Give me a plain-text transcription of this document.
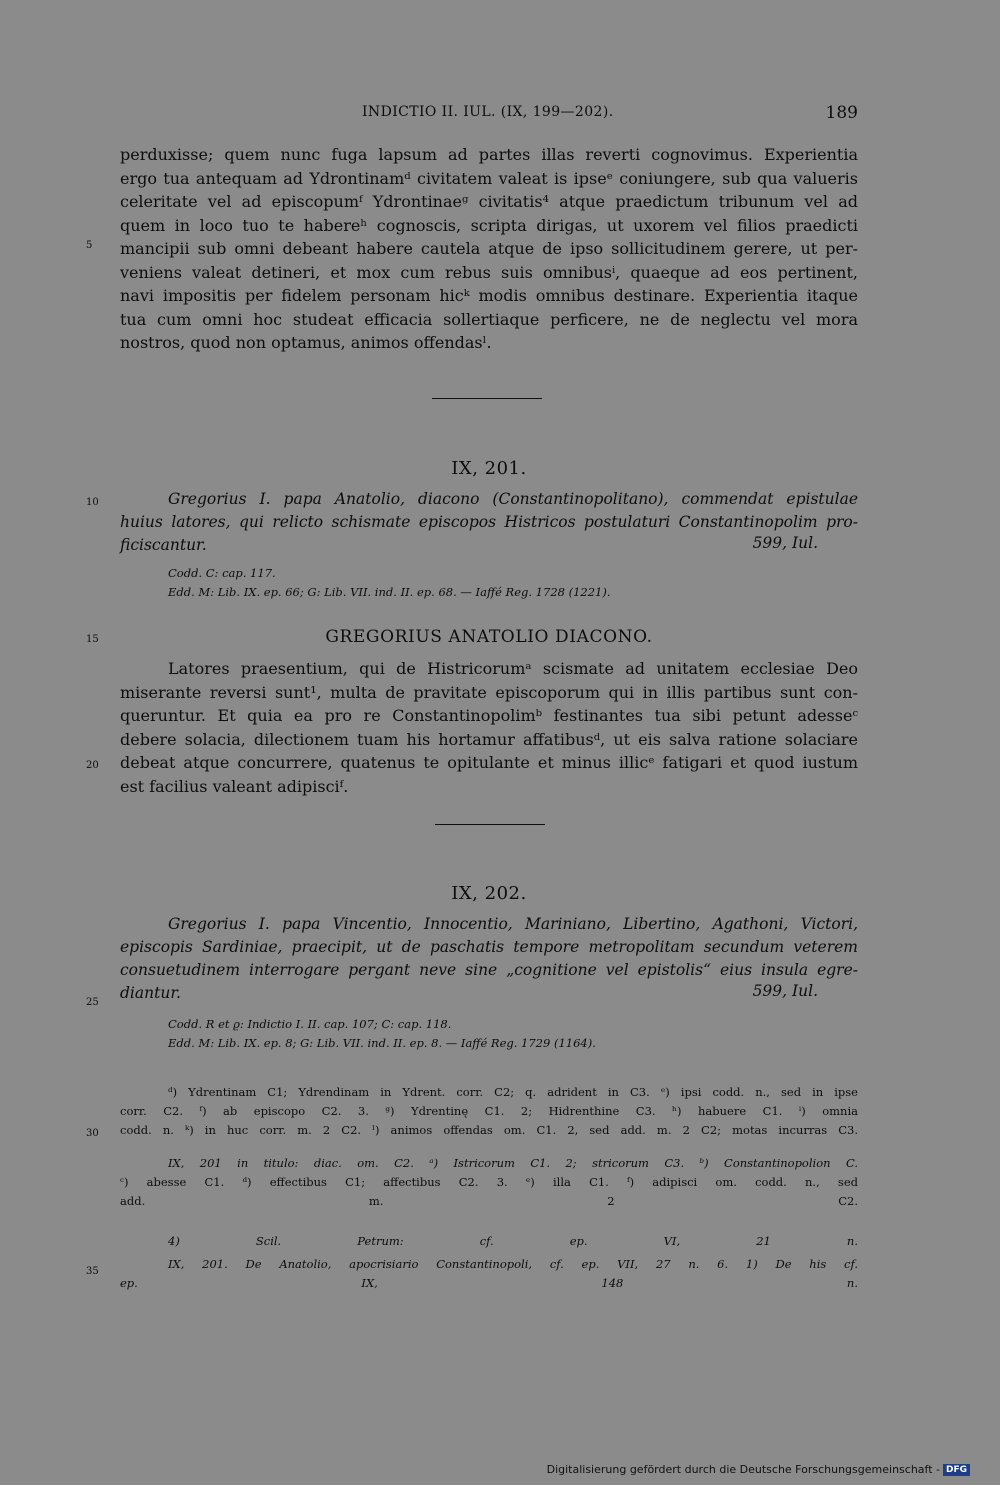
INDICTIO II. IUL. (IX, 199—202).	189
perduxisse; quem nunc fuga lapsum ad partes illas reverti cognovimus. Experientia
ergo tua antequam ad Ydrontinamᵈ civitatem valeat is ipseᵉ coniungere, sub qua valueris
celeritate vel ad episcopumᶠ Ydrontinaeᵍ civitatis⁴ atque praedictum tribunum vel ad
quem in loco tuo te habereʰ cognoscis, scripta dirigas, ut uxorem vel filios praedicti
mancipii sub omni debeant habere cautela atque de ipso sollicitudinem gerere, ut per-
veniens valeat detineri, et mox cum rebus suis omnibusⁱ, quaeque ad eos pertinent,
navi impositis per fidelem personam hicᵏ modis omnibus destinare. Experientia itaque
tua cum omni hoc studeat efficacia sollertiaque perficere, ne de neglectu vel mora
nostros, quod non optamus, animos offendasˡ.
5
IX, 201.
10	Gregorius I. papa Anatolio, diacono (Constantinopolitano), commendat epistulae
huius latores, qui relicto schismate episcopos Histricos postulaturi Constantinopolim pro-
ficiscantur.	599, Iul.
Codd. C: cap. 117.
Edd. M: Lib. IX. ep. 66; G: Lib. VII. ind. II. ep. 68. — Iaffé Reg. 1728 (1221).
15	GREGORIUS ANATOLIO DIACONO.
Latores praesentium, qui de Histricorumᵃ scismate ad unitatem ecclesiae Deo
miserante reversi sunt¹, multa de pravitate episcoporum qui in illis partibus sunt con-
queruntur. Et quia ea pro re Constantinopolimᵇ festinantes tua sibi petunt adesseᶜ
debere solacia, dilectionem tuam his hortamur affatibusᵈ, ut eis salva ratione solaciare
debeat atque concurrere, quatenus te opitulante et minus illicᵉ fatigari et quod iustum
est facilius valeant adipisciᶠ.
20
IX, 202.
Gregorius I. papa Vincentio, Innocentio, Mariniano, Libertino, Agathoni, Victori,
episcopis Sardiniae, praecipit, ut de paschatis tempore metropolitam secundum veterem
consuetudinem interrogare pergant neve sine „cognitione vel epistolis“ eius insula egre-
diantur.
25
599, Iul.
Codd. R et ϱ: Indictio I. II. cap. 107; C: cap. 118.
Edd. M: Lib. IX. ep. 8; G: Lib. VII. ind. II. ep. 8. — Iaffé Reg. 1729 (1164).
ᵈ) Ydrentinam C1; Ydrendinam in Ydrent. corr. C2; q. adrident in C3. ᵉ) ipsi codd. n., sed in ipse
corr. C2. ᶠ) ab episcopo C2. 3. ᵍ) Ydrentinę C1. 2; Hidrenthine C3. ʰ) habuere C1. ⁱ) omnia
codd. n. ᵏ) in huc corr. m. 2 C2. ˡ) animos offendas om. C1. 2, sed add. m. 2 C2; motas incurras C3.
30
IX, 201 in titulo: diac. om. C2. ᵃ) Istricorum C1. 2; stricorum C3. ᵇ) Constantinopolion C.
ᶜ) abesse C1. ᵈ) effectibus C1; affectibus C2. 3. ᵉ) illa C1. ᶠ) adipisci om. codd. n., sed
add. m. 2 C2.
4) Scil. Petrum: cf. ep. VI, 21 n.
IX, 201. De Anatolio, apocrisiario Constantinopoli, cf. ep. VII, 27 n. 6. 1) De his cf.
ep. IX, 148 n.
35
Digitalisierung gefördert durch die Deutsche Forschungsgemeinschaft - DFG
